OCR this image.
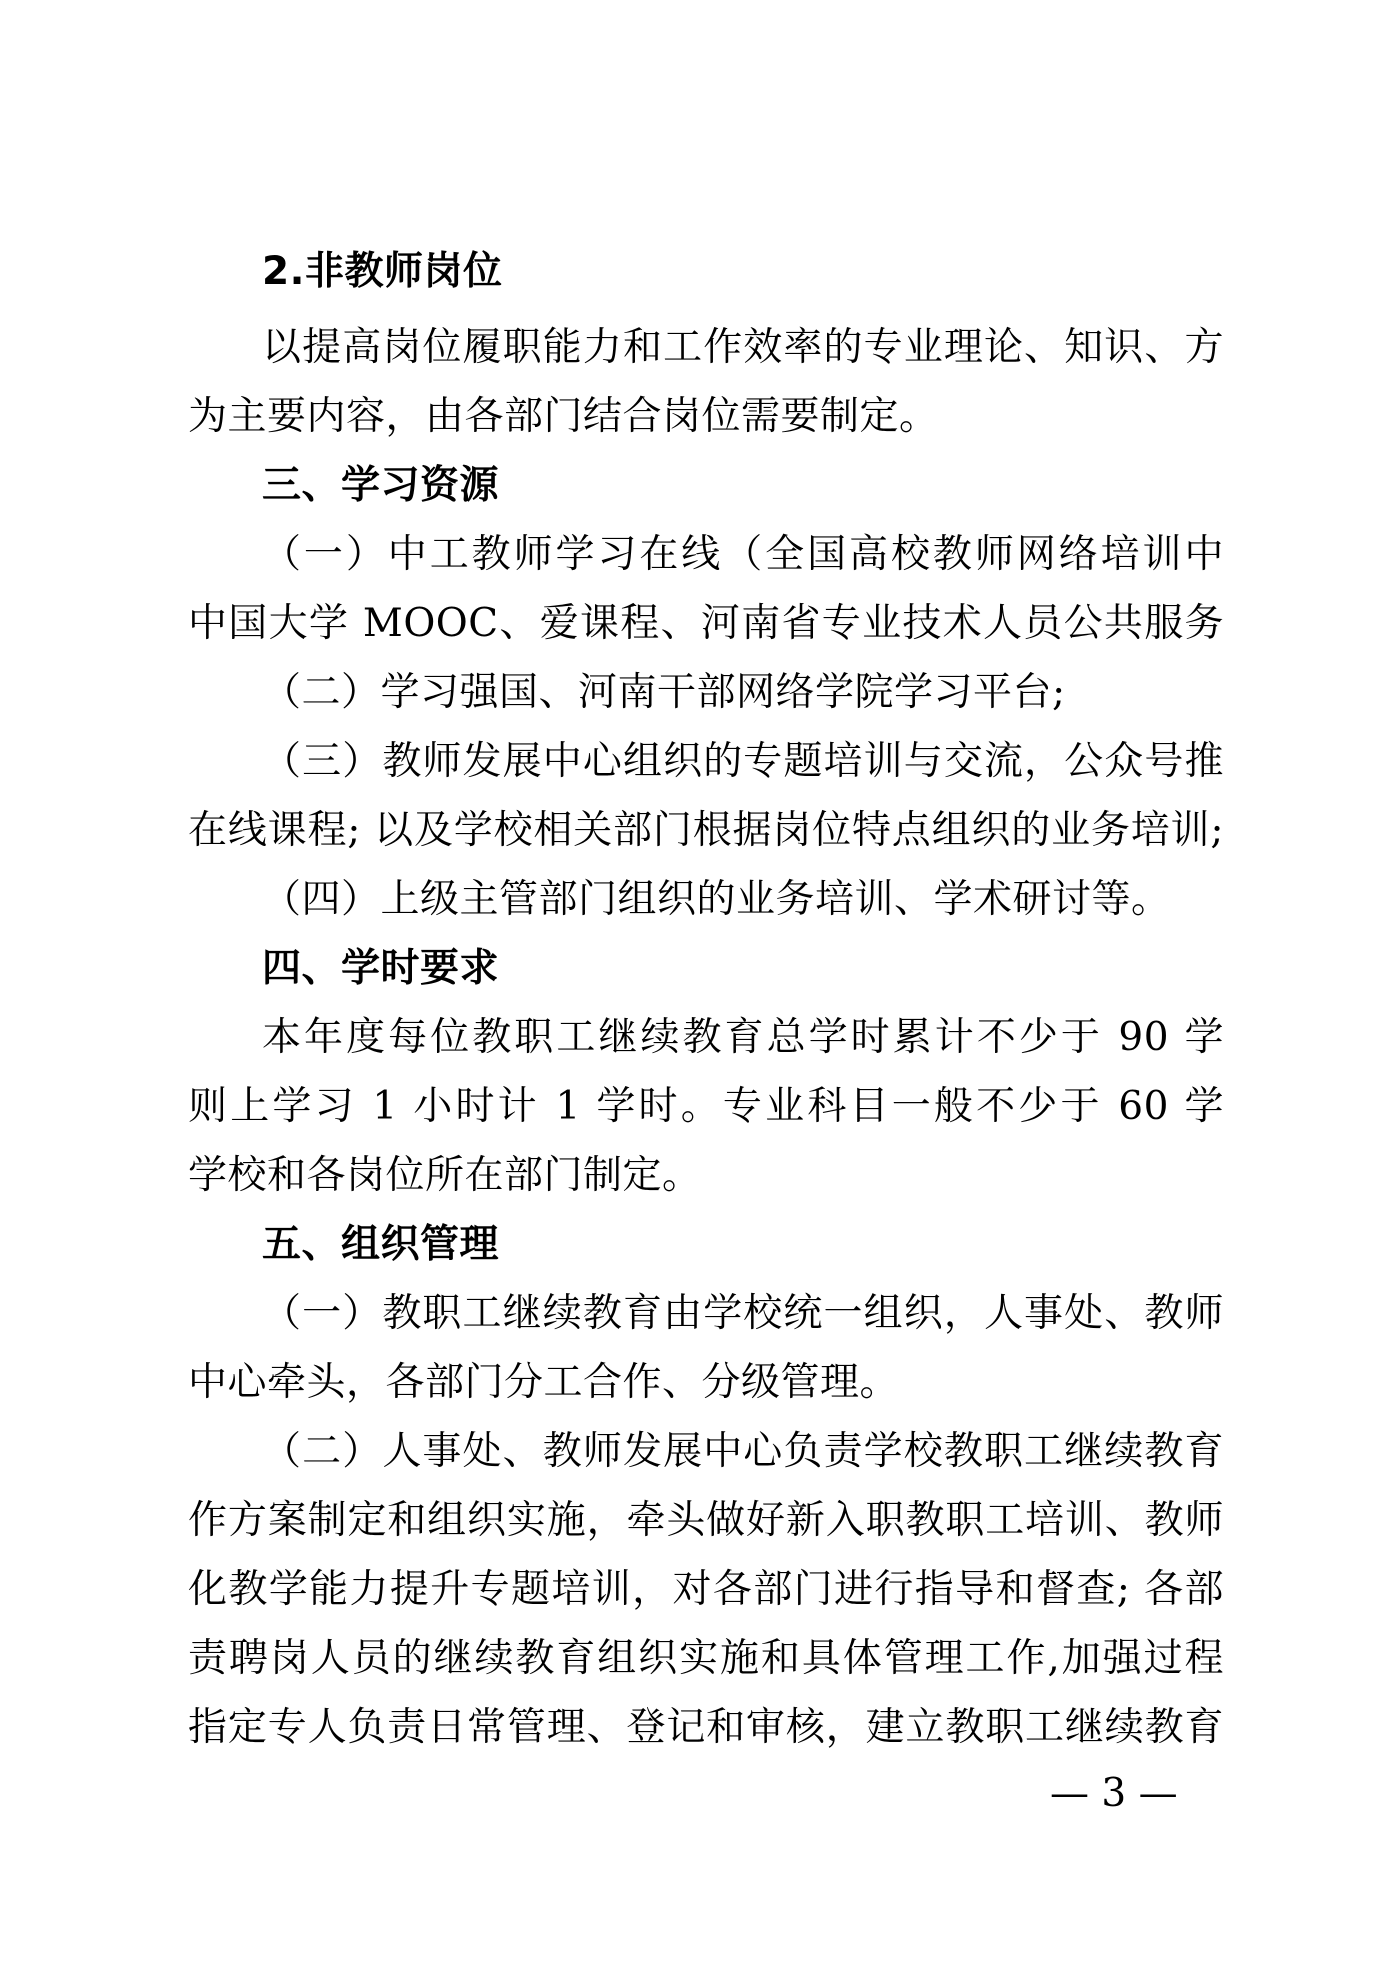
2.非教师岗位
以提高岗位履职能力和工作效率的专业理论、知识、方
为主要内容，由各部门结合岗位需要制定。
三、学习资源
（一）中工教师学习在线（全国高校教师网络培训中
中国大学 MOOC、爱课程、河南省专业技术人员公共服务
（二）学习强国、河南干部网络学院学习平台;
（三）教师发展中心组织的专题培训与交流，公众号推
在线课程; 以及学校相关部门根据岗位特点组织的业务培训;
（四）上级主管部门组织的业务培训、学术研讨等。
四、学时要求
本年度每位教职工继续教育总学时累计不少于 90 学
则上学习 1 小时计 1 学时。专业科目一般不少于 60 学
学校和各岗位所在部门制定。
五、组织管理
（一）教职工继续教育由学校统一组织，人事处、教师
中心牵头，各部门分工合作、分级管理。
（二）人事处、教师发展中心负责学校教职工继续教育
作方案制定和组织实施，牵头做好新入职教职工培训、教师
化教学能力提升专题培训，对各部门进行指导和督查; 各部
责聘岗人员的继续教育组织实施和具体管理工作,加强过程
指定专人负责日常管理、登记和审核，建立教职工继续教育
— 3 —
